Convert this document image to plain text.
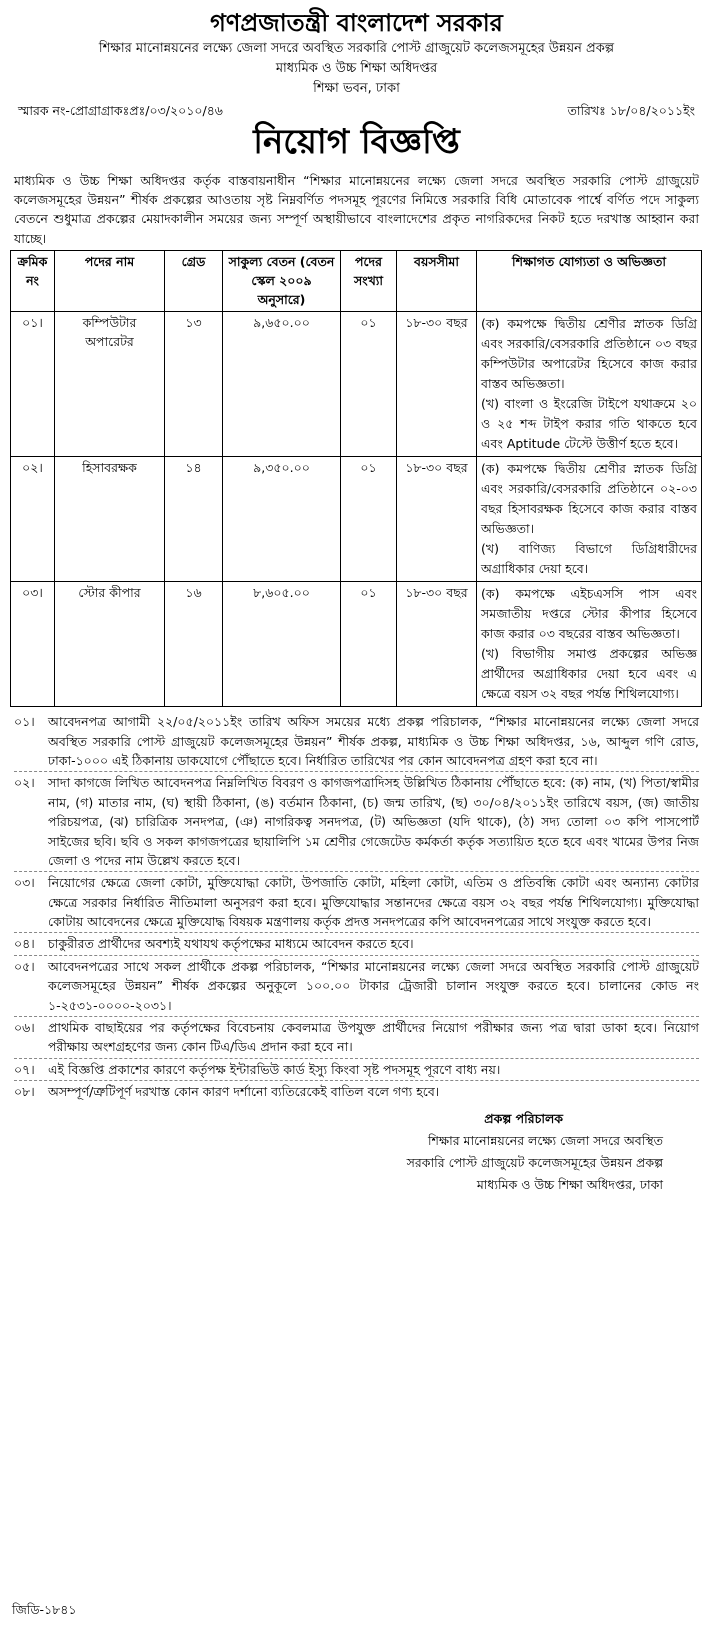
গণপ্রজাতন্ত্রী বাংলাদেশ সরকার
শিক্ষার মানোন্নয়নের লক্ষ্যে জেলা সদরে অবস্থিত সরকারি পোস্ট গ্রাজুয়েট কলেজসমূহের উন্নয়ন প্রকল্প
মাধ্যমিক ও উচ্চ শিক্ষা অধিদপ্তর
শিক্ষা ভবন, ঢাকা
স্মারক নং-প্রোগ্রাগ্রাকঃপ্রঃ/০৩/২০১০/৪৬	তারিখঃ ১৮/০৪/২০১১ইং
নিয়োগ বিজ্ঞপ্তি
মাধ্যমিক ও উচ্চ শিক্ষা অধিদপ্তর কর্তৃক বাস্তবায়নাধীন “শিক্ষার মানোন্নয়নের লক্ষ্যে জেলা সদরে অবস্থিত সরকারি পোস্ট গ্রাজুয়েট কলেজসমূহের উন্নয়ন” শীর্ষক প্রকল্পের আওতায় সৃষ্ট নিম্নবর্ণিত পদসমূহ পূরণের নিমিত্তে সরকারি বিধি মোতাবেক পার্শ্বে বর্ণিত পদে সাকুল্য বেতনে শুধুমাত্র প্রকল্পের মেয়াদকালীন সময়ের জন্য সম্পূর্ণ অস্থায়ীভাবে বাংলাদেশের প্রকৃত নাগরিকদের নিকট হতে দরখাস্ত আহ্বান করা যাচ্ছে।
ক্রমিক নং	পদের নাম	গ্রেড	সাকুল্য বেতন (বেতন স্কেল ২০০৯ অনুসারে)	পদের সংখ্যা	বয়সসীমা	শিক্ষাগত যোগ্যতা ও অভিজ্ঞতা
০১।	কম্পিউটার অপারেটর	১৩	৯,৬৫০.০০	০১	১৮-৩০ বছর	(ক) কমপক্ষে দ্বিতীয় শ্রেণীর স্নাতক ডিগ্রি এবং সরকারি/বেসরকারি প্রতিষ্ঠানে ০৩ বছর কম্পিউটার অপারেটর হিসেবে কাজ করার বাস্তব অভিজ্ঞতা।

(খ) বাংলা ও ইংরেজি টাইপে যথাক্রমে ২০ ও ২৫ শব্দ টাইপ করার গতি থাকতে হবে এবং Aptitude টেস্টে উত্তীর্ণ হতে হবে।

০২।	হিসাবরক্ষক	১৪	৯,৩৫০.০০	০১	১৮-৩০ বছর	(ক) কমপক্ষে দ্বিতীয় শ্রেণীর স্নাতক ডিগ্রি এবং সরকারি/বেসরকারি প্রতিষ্ঠানে ০২-০৩ বছর হিসাবরক্ষক হিসেবে কাজ করার বাস্তব অভিজ্ঞতা।

(খ) বাণিজ্য বিভাগে ডিগ্রিধারীদের অগ্রাধিকার দেয়া হবে।

০৩।	স্টোর কীপার	১৬	৮,৬০৫.০০	০১	১৮-৩০ বছর	(ক) কমপক্ষে এইচএসসি পাস এবং সমজাতীয় দপ্তরে স্টোর কীপার হিসেবে কাজ করার ০৩ বছরের বাস্তব অভিজ্ঞতা।

(খ) বিভাগীয় সমাপ্ত প্রকল্পের অভিজ্ঞ প্রার্থীদের অগ্রাধিকার দেয়া হবে এবং এ ক্ষেত্রে বয়স ৩২ বছর পর্যন্ত শিথিলযোগ্য।

০১।	আবেদনপত্র আগামী ২২/০৫/২০১১ইং তারিখ অফিস সময়ের মধ্যে প্রকল্প পরিচালক, “শিক্ষার মানোন্নয়নের লক্ষ্যে জেলা সদরে অবস্থিত সরকারি পোস্ট গ্রাজুয়েট কলেজসমূহের উন্নয়ন” শীর্ষক প্রকল্প, মাধ্যমিক ও উচ্চ শিক্ষা অধিদপ্তর, ১৬, আব্দুল গণি রোড, ঢাকা-১০০০ এই ঠিকানায় ডাকযোগে পৌঁছাতে হবে। নির্ধারিত তারিখের পর কোন আবেদনপত্র গ্রহণ করা হবে না।
০২।	সাদা কাগজে লিখিত আবেদনপত্র নিম্নলিখিত বিবরণ ও কাগজপত্রাদিসহ উল্লিখিত ঠিকানায় পৌঁছাতে হবে: (ক) নাম, (খ) পিতা/স্বামীর নাম, (গ) মাতার নাম, (ঘ) স্থায়ী ঠিকানা, (ঙ) বর্তমান ঠিকানা, (চ) জন্ম তারিখ, (ছ) ৩০/০৪/২০১১ইং তারিখে বয়স, (জ) জাতীয় পরিচয়পত্র, (ঝ) চারিত্রিক সনদপত্র, (ঞ) নাগরিকত্ব সনদপত্র, (ট) অভিজ্ঞতা (যদি থাকে), (ঠ) সদ্য তোলা ০৩ কপি পাসপোর্ট সাইজের ছবি। ছবি ও সকল কাগজপত্রের ছায়ালিপি ১ম শ্রেণীর গেজেটেড কর্মকর্তা কর্তৃক সত্যায়িত হতে হবে এবং খামের উপর নিজ জেলা ও পদের নাম উল্লেখ করতে হবে।
০৩।	নিয়োগের ক্ষেত্রে জেলা কোটা, মুক্তিযোদ্ধা কোটা, উপজাতি কোটা, মহিলা কোটা, এতিম ও প্রতিবন্ধি কোটা এবং অন্যান্য কোটার ক্ষেত্রে সরকার নির্ধারিত নীতিমালা অনুসরণ করা হবে। মুক্তিযোদ্ধার সন্তানদের ক্ষেত্রে বয়স ৩২ বছর পর্যন্ত শিথিলযোগ্য। মুক্তিযোদ্ধা কোটায় আবেদনের ক্ষেত্রে মুক্তিযোদ্ধ বিষয়ক মন্ত্রণালয় কর্তৃক প্রদত্ত সনদপত্রের কপি আবেদনপত্রের সাথে সংযুক্ত করতে হবে।
০৪।	চাকুরীরত প্রার্থীদের অবশ্যই যথাযথ কর্তৃপক্ষের মাধ্যমে আবেদন করতে হবে।
০৫।	আবেদনপত্রের সাথে সকল প্রার্থীকে প্রকল্প পরিচালক, “শিক্ষার মানোন্নয়নের লক্ষ্যে জেলা সদরে অবস্থিত সরকারি পোস্ট গ্রাজুয়েট কলেজসমূহের উন্নয়ন” শীর্ষক প্রকল্পের অনুকূলে ১০০.০০ টাকার ট্রেজারী চালান সংযুক্ত করতে হবে। চালানের কোড নং ১-২৫৩১-০০০০-২০৩১।
০৬।	প্রাথমিক বাছাইয়ের পর কর্তৃপক্ষের বিবেচনায় কেবলমাত্র উপযুক্ত প্রার্থীদের নিয়োগ পরীক্ষার জন্য পত্র দ্বারা ডাকা হবে। নিয়োগ পরীক্ষায় অংশগ্রহণের জন্য কোন টিএ/ডিএ প্রদান করা হবে না।
০৭।	এই বিজ্ঞপ্তি প্রকাশের কারণে কর্তৃপক্ষ ইন্টারভিউ কার্ড ইস্যু কিংবা সৃষ্ট পদসমূহ পূরণে বাধ্য নয়।
০৮।	অসম্পূর্ণ/ত্রুটিপূর্ণ দরখাস্ত কোন কারণ দর্শানো ব্যতিরেকেই বাতিল বলে গণ্য হবে।
প্রকল্প পরিচালক
শিক্ষার মানোন্নয়নের লক্ষ্যে জেলা সদরে অবস্থিত
সরকারি পোস্ট গ্রাজুয়েট কলেজসমূহের উন্নয়ন প্রকল্প
মাধ্যমিক ও উচ্চ শিক্ষা অধিদপ্তর, ঢাকা
জিডি-১৮৪১
